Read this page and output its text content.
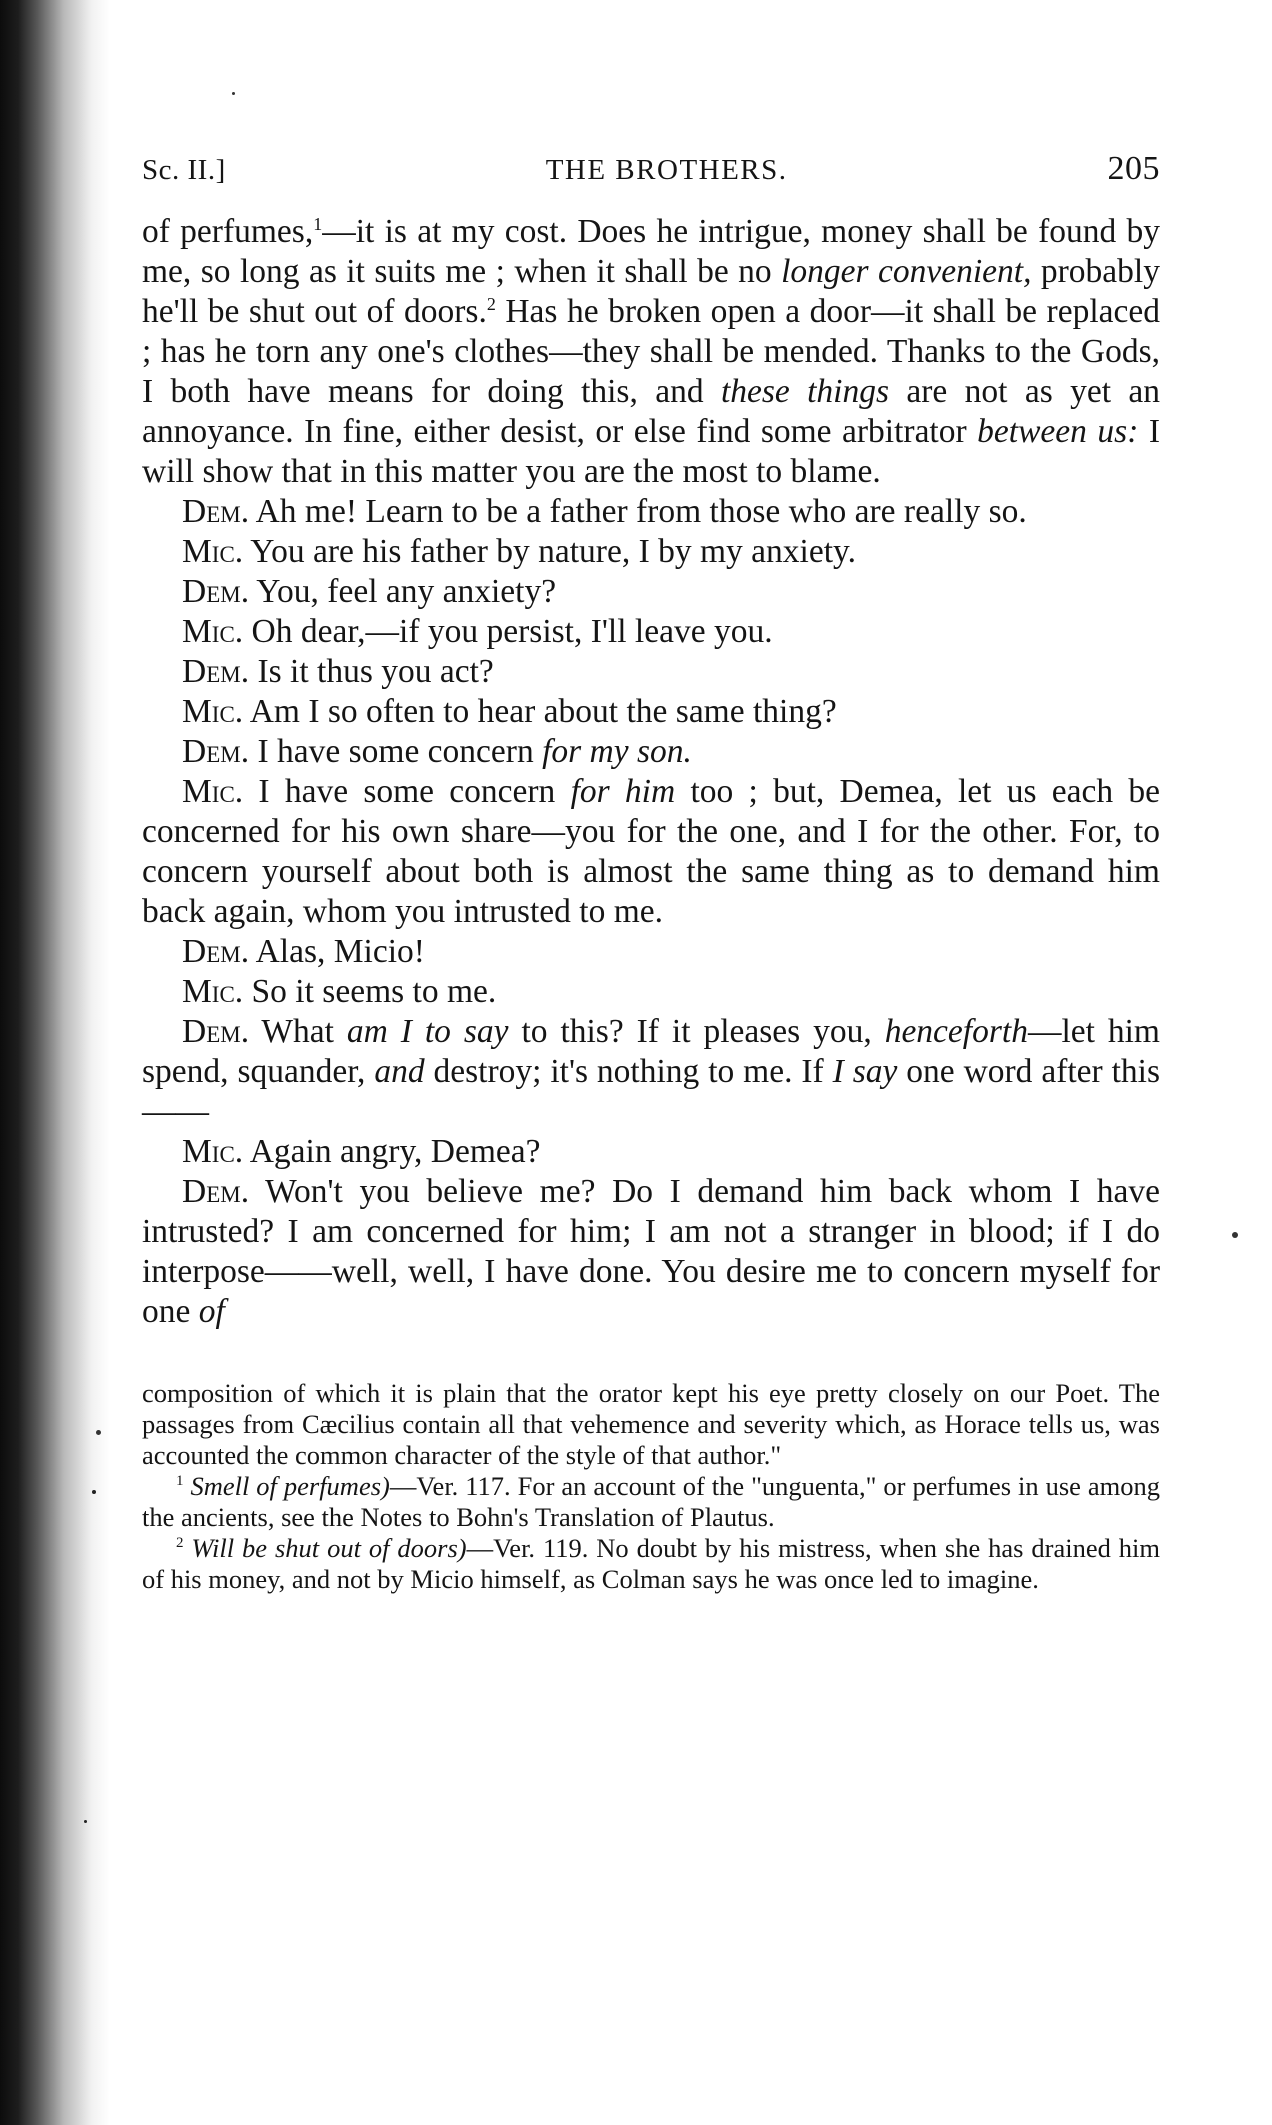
Sc. II.]	THE BROTHERS.	205

of perfumes,$^1$—it is at my cost. Does he intrigue, money shall be found by me, so long as it suits me ; when it shall be no longer convenient, probably he'll be shut out of doors.$^2$ Has he broken open a door—it shall be replaced ; has he torn any one's clothes—they shall be mended. Thanks to the Gods, I both have means for doing this, and these things are not as yet an annoyance. In fine, either desist, or else find some arbitrator between us: I will show that in this matter you are the most to blame.

Dem. Ah me! Learn to be a father from those who are really so.

Mic. You are his father by nature, I by my anxiety.

Dem. You, feel any anxiety?

Mic. Oh dear,—if you persist, I'll leave you.

Dem. Is it thus you act?

Mic. Am I so often to hear about the same thing?

Dem. I have some concern for my son.

Mic. I have some concern for him too ; but, Demea, let us each be concerned for his own share—you for the one, and I for the other. For, to concern yourself about both is almost the same thing as to demand him back again, whom you intrusted to me.

Dem. Alas, Micio!

Mic. So it seems to me.

Dem. What am I to say to this? If it pleases you, henceforth—let him spend, squander, and destroy; it's nothing to me. If I say one word after this——

Mic. Again angry, Demea?

Dem. Won't you believe me? Do I demand him back whom I have intrusted? I am concerned for him; I am not a stranger in blood; if I do interpose——well, well, I have done. You desire me to concern myself for one of

composition of which it is plain that the orator kept his eye pretty closely on our Poet. The passages from Cæcilius contain all that vehemence and severity which, as Horace tells us, was accounted the common character of the style of that author."

$^1$ Smell of perfumes)—Ver. 117. For an account of the "unguenta," or perfumes in use among the ancients, see the Notes to Bohn's Translation of Plautus.

$^2$ Will be shut out of doors)—Ver. 119. No doubt by his mistress, when she has drained him of his money, and not by Micio himself, as Colman says he was once led to imagine.
